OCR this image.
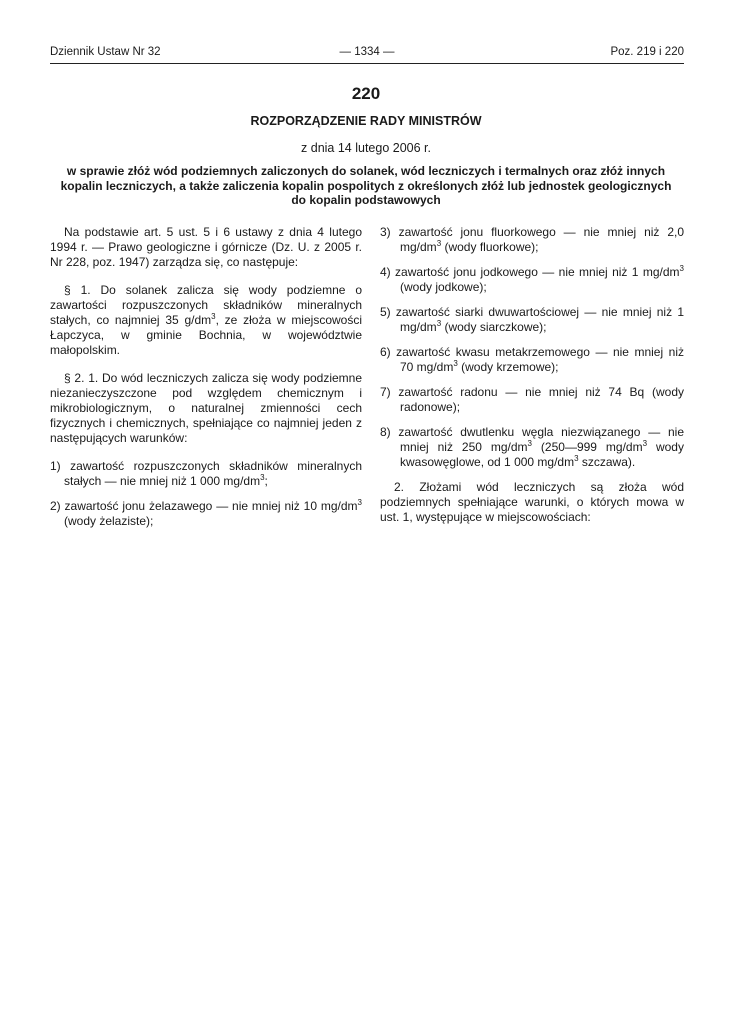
Dziennik Ustaw Nr 32	— 1334 —	Poz. 219 i 220
220
ROZPORZĄDZENIE RADY MINISTRÓW
z dnia 14 lutego 2006 r.
w sprawie złóż wód podziemnych zaliczonych do solanek, wód leczniczych i termalnych oraz złóż innych kopalin leczniczych, a także zaliczenia kopalin pospolitych z określonych złóż lub jednostek geologicznych do kopalin podstawowych

Na podstawie art. 5 ust. 5 i 6 ustawy z dnia 4 lutego 1994 r. — Prawo geologiczne i górnicze (Dz. U. z 2005 r. Nr 228, poz. 1947) zarządza się, co następuje:

§ 1. Do solanek zalicza się wody podziemne o zawartości rozpuszczonych składników mineralnych stałych, co najmniej 35 $g/dm^3$, ze złoża w miejscowości Łapczyca, w gminie Bochnia, w województwie małopolskim.

§ 2. 1. Do wód leczniczych zalicza się wody podziemne niezanieczyszczone pod względem chemicznym i mikrobiologicznym, o naturalnej zmienności cech fizycznych i chemicznych, spełniające co najmniej jeden z następujących warunków:

1) zawartość rozpuszczonych składników mineralnych stałych — nie mniej niż 1 000 $mg/dm^3$;

2) zawartość jonu żelazawego — nie mniej niż 10 $mg/dm^3$ (wody żelaziste);

3) zawartość jonu fluorkowego — nie mniej niż 2,0 $mg/dm^3$ (wody fluorkowe);

4) zawartość jonu jodkowego — nie mniej niż 1 $mg/dm^3$ (wody jodkowe);

5) zawartość siarki dwuwartościowej — nie mniej niż 1 $mg/dm^3$ (wody siarczkowe);

6) zawartość kwasu metakrzemowego — nie mniej niż 70 $mg/dm^3$ (wody krzemowe);

7) zawartość radonu — nie mniej niż 74 Bq (wody radonowe);

8) zawartość dwutlenku węgla niezwiązanego — nie mniej niż 250 $mg/dm^3$ (250—999 $mg/dm^3$ wody kwasowęglowe, od 1 000 $mg/dm^3$ szczawa).

2. Złożami wód leczniczych są złoża wód podziemnych spełniające warunki, o których mowa w ust. 1, występujące w miejscowościach:
